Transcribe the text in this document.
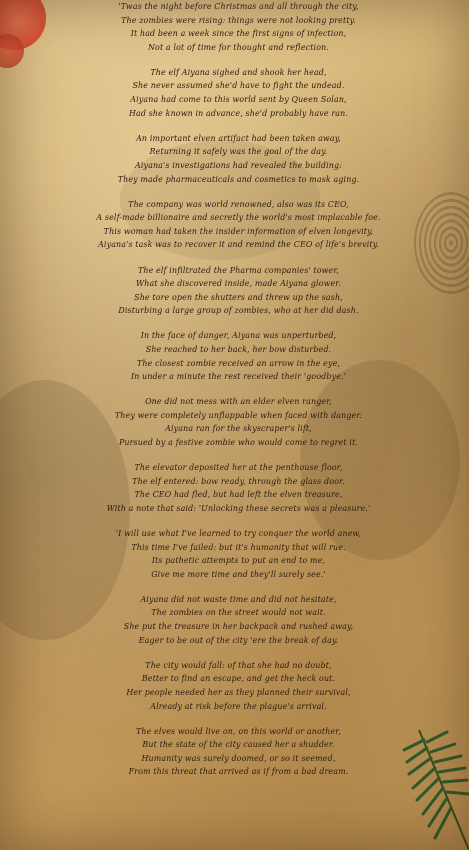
'Twas the night before Christmas and all through the city,
The zombies were rising: things were not looking pretty.
It had been a week since the first signs of infection,
Not a lot of time for thought and reflection.
The elf Aiyana sighed and shook her head,
She never assumed she'd have to fight the undead.
Aiyana had come to this world sent by Queen Solan,
Had she known in advance, she'd probably have ran.
An important elven artifact had been taken away,
Returning it safely was the goal of the day.
Aiyana's investigations had revealed the building:
They made pharmaceuticals and cosmetics to mask aging.
The company was world renowned, also was its CEO,
A self-made billionaire and secretly the world's most implacable foe.
This woman had taken the insider information of elven longevity,
Aiyana's task was to recover it and remind the CEO of life's brevity.
The elf infiltrated the Pharma companies' tower,
What she discovered inside, made Aiyana glower.
She tore open the shutters and threw up the sash,
Disturbing a large group of zombies, who at her did dash.
In the face of danger, Aiyana was unperturbed,
She reached to her back, her bow disturbed.
The closest zombie received an arrow in the eye,
In under a minute the rest received their 'goodbye.'
One did not mess with an elder elven ranger,
They were completely unflappable when faced with danger.
Aiyana ran for the skyscraper's lift,
Pursued by a festive zombie who would come to regret it.
The elevator deposited her at the penthouse floor,
The elf entered: bow ready, through the glass door.
The CEO had fled, but had left the elven treasure,
With a note that said: 'Unlocking these secrets was a pleasure.'
'I will use what I've learned to try conquer the world anew,
This time I've failed: but it's humanity that will rue.
Its pathetic attempts to put an end to me,
Give me more time and they'll surely see.'
Aiyana did not waste time and did not hesitate,
The zombies on the street would not wait.
She put the treasure in her backpack and rushed away,
Eager to be out of the city 'ere the break of day.
The city would fall: of that she had no doubt,
Better to find an escape, and get the heck out.
Her people needed her as they planned their survival,
Already at risk before the plague's arrival.
The elves would live on, on this world or another,
But the state of the city caused her a shudder.
Humanity was surely doomed, or so it seemed,
From this threat that arrived as if from a bad dream.
